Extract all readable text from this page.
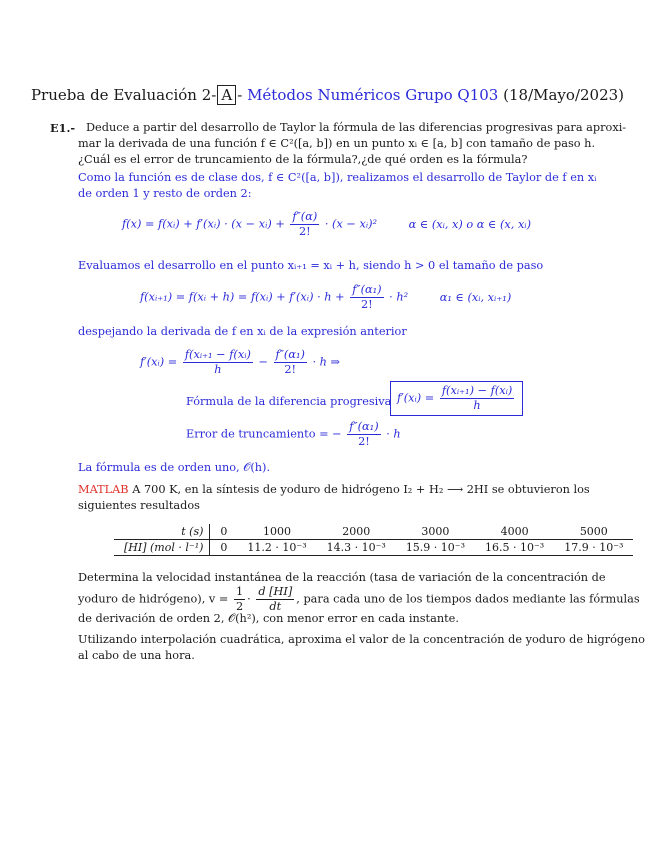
Prueba de Evaluación 2- A - Métodos Numéricos Grupo Q103 (18/Mayo/2023)
E1.- Deduce a partir del desarrollo de Taylor la fórmula de las diferencias progresivas para aproxi-
mar la derivada de una función f ∈ C²([a, b]) en un punto xᵢ ∈ [a, b] con tamaño de paso h.
¿Cuál es el error de truncamiento de la fórmula?,¿de qué orden es la fórmula?
Como la función es de clase dos, f ∈ C²([a, b]), realizamos el desarrollo de Taylor de f en xᵢ
de orden 1 y resto de orden 2:
f(x) = f(xᵢ) + f′(xᵢ) · (x − xᵢ) + $\frac{f''(\alpha)}{2!} \cdot (x$ − xᵢ)²	α ∈ (xᵢ, x) o α ∈ (x, xᵢ)
Evaluamos el desarrollo en el punto xᵢ₊₁ = xᵢ + h, siendo h > 0 el tamaño de paso
f(xᵢ₊₁) = f(xᵢ + h) = f(xᵢ) + f′(xᵢ) · $h + \frac{\text{f″(α₁)}}{2!} \cdot h^2$	α₁ ∈ (xᵢ, xᵢ₊₁)
despejando la derivada de f en xᵢ de la expresión anterior
f′(xᵢ) = $\frac{\text{f(xᵢ₊₁ − f(xᵢ)}}{h} - \frac{\text{f″(α₁)}}{2!} \cdot h$ ⇒
Fórmula de la diferencia progresiva f′(xᵢ) = $\frac{\text{f(xᵢ₊₁) − f(xᵢ)}}{h}$
Error de truncamiento = − $\frac{\text{f″(α₁)}}{2!} \cdot h$
La fórmula es de orden uno, 𝒪(h).
MATLAB A 700 K, en la síntesis de yoduro de hidrógeno I₂ + H₂ ⟶ 2HI se obtuvieron los
siguientes resultados
t (s)	0	1000	2000	3000	4000	5000
[HI] (mol · l⁻¹)	0	11.2 · 10⁻³	14.3 · 10⁻³	15.9 · 10⁻³	16.5 · 10⁻³	17.9 · 10⁻³
Determina la velocidad instantánea de la reacción (tasa de variación de la concentración de
yoduro de hidrógeno), $v = \frac{1}{2} \cdot \frac{d [HI]}{dt}$ , para cada uno de los tiempos dados mediante las fórmulas
de derivación de orden 2, 𝒪(h²), con menor error en cada instante.
Utilizando interpolación cuadrática, aproxima el valor de la concentración de yoduro de higrógeno
al cabo de una hora.
